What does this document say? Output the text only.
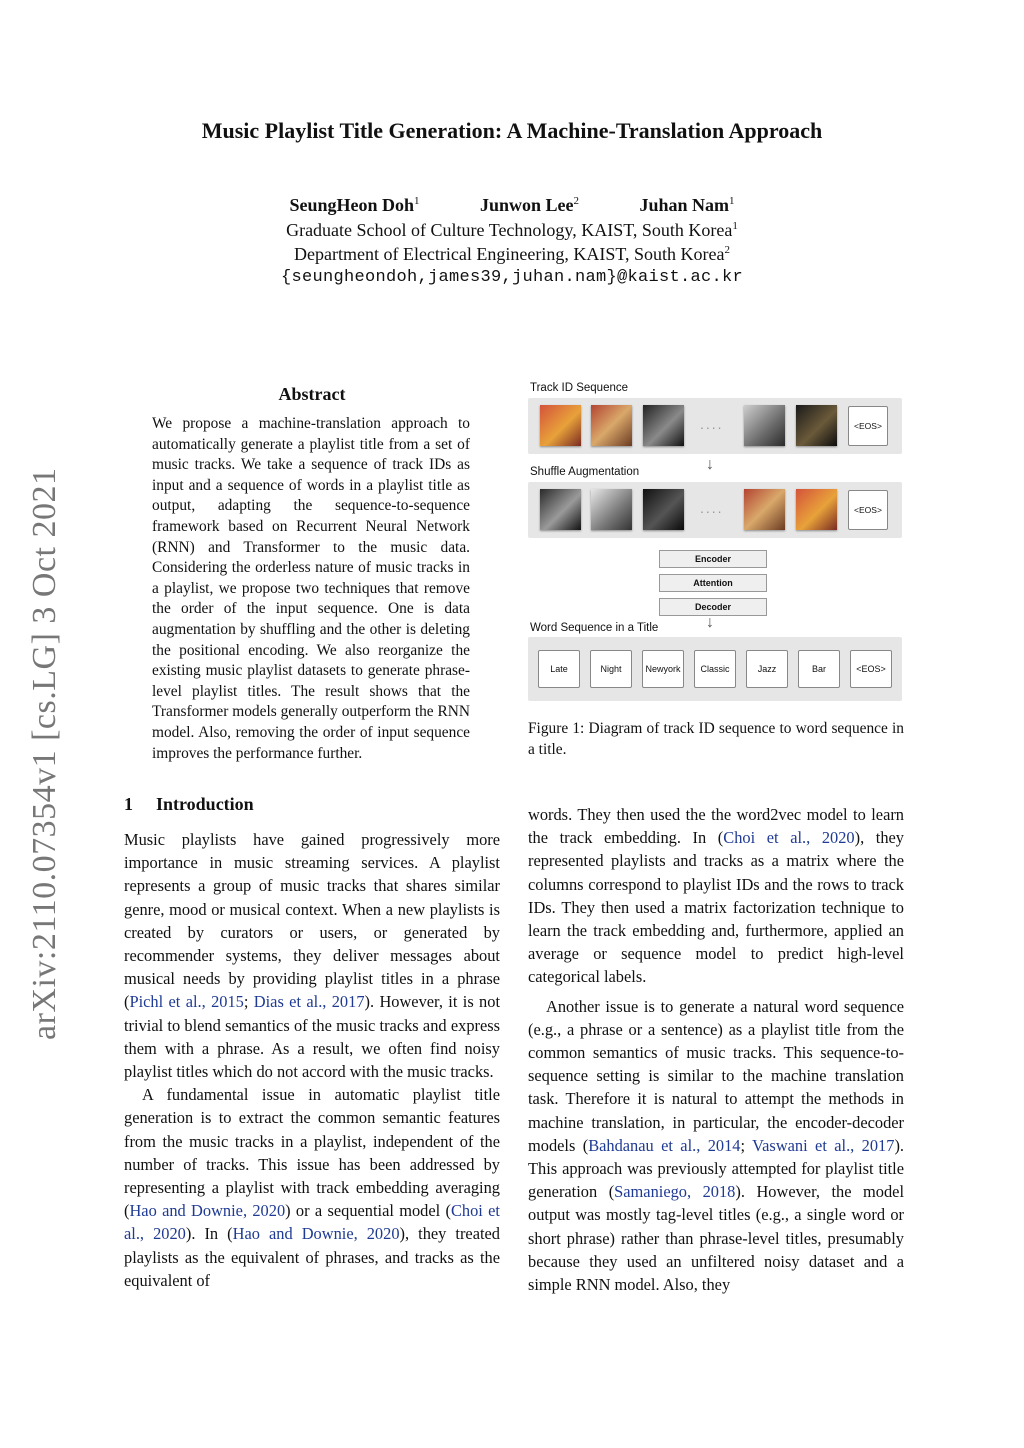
Music Playlist Title Generation: A Machine-Translation Approach
SeungHeon Doh$^1$	Junwon Lee$^2$	Juhan Nam$^1$
Graduate School of Culture Technology, KAIST, South Korea$^1$
Department of Electrical Engineering, KAIST, South Korea$^2$
{seungheondoh,james39,juhan.nam}@kaist.ac.kr
arXiv:2110.07354v1 [cs.LG] 3 Oct 2021
Abstract
We propose a machine-translation approach to automatically generate a playlist title from a set of music tracks. We take a sequence of track IDs as input and a sequence of words in a playlist title as output, adapting the sequence-to-sequence framework based on Recurrent Neural Network (RNN) and Transformer to the music data. Considering the orderless nature of music tracks in a playlist, we propose two techniques that remove the order of the input sequence. One is data augmentation by shuffling and the other is deleting the positional encoding. We also reorganize the existing music playlist datasets to generate phrase-level playlist titles. The result shows that the Transformer models generally outperform the RNN model. Also, removing the order of input sequence improves the performance further.
1 Introduction

Music playlists have gained progressively more importance in music streaming services. A playlist represents a group of music tracks that shares similar genre, mood or musical context. When a new playlists is created by curators or users, or generated by recommender systems, they deliver messages about musical needs by providing playlist titles in a phrase (Pichl et al., 2015; Dias et al., 2017). However, it is not trivial to blend semantics of the music tracks and express them with a phrase. As a result, we often find noisy playlist titles which do not accord with the music tracks.

A fundamental issue in automatic playlist title generation is to extract the common semantic features from the music tracks in a playlist, independent of the number of tracks. This issue has been addressed by representing a playlist with track embedding averaging (Hao and Downie, 2020) or a sequential model (Choi et al., 2020). In (Hao and Downie, 2020), they treated playlists as the equivalent of phrases, and tracks as the equivalent of

words. They then used the the word2vec model to learn the track embedding. In (Choi et al., 2020), they represented playlists and tracks as a matrix where the columns correspond to playlist IDs and the rows to track IDs. They then used a matrix factorization technique to learn the track embedding and, furthermore, applied an average or sequence model to predict high-level categorical labels.

Another issue is to generate a natural word sequence (e.g., a phrase or a sentence) as a playlist title from the common semantics of music tracks. This sequence-to-sequence setting is similar to the machine translation task. Therefore it is natural to attempt the methods in machine translation, in particular, the encoder-decoder models (Bahdanau et al., 2014; Vaswani et al., 2017). This approach was previously attempted for playlist title generation (Samaniego, 2018). However, the model output was mostly tag-level titles (e.g., a single word or short phrase) rather than phrase-level titles, presumably because they used an unfiltered noisy dataset and a simple RNN model. Also, they

Track ID Sequence
....	<EOS>
↓
Shuffle Augmentation
....	<EOS>
Encoder
Attention
Decoder
Word Sequence in a Title	↓
Late	Night	Newyork	Classic	Jazz	Bar	<EOS>
Figure 1: Diagram of track ID sequence to word sequence in a title.
